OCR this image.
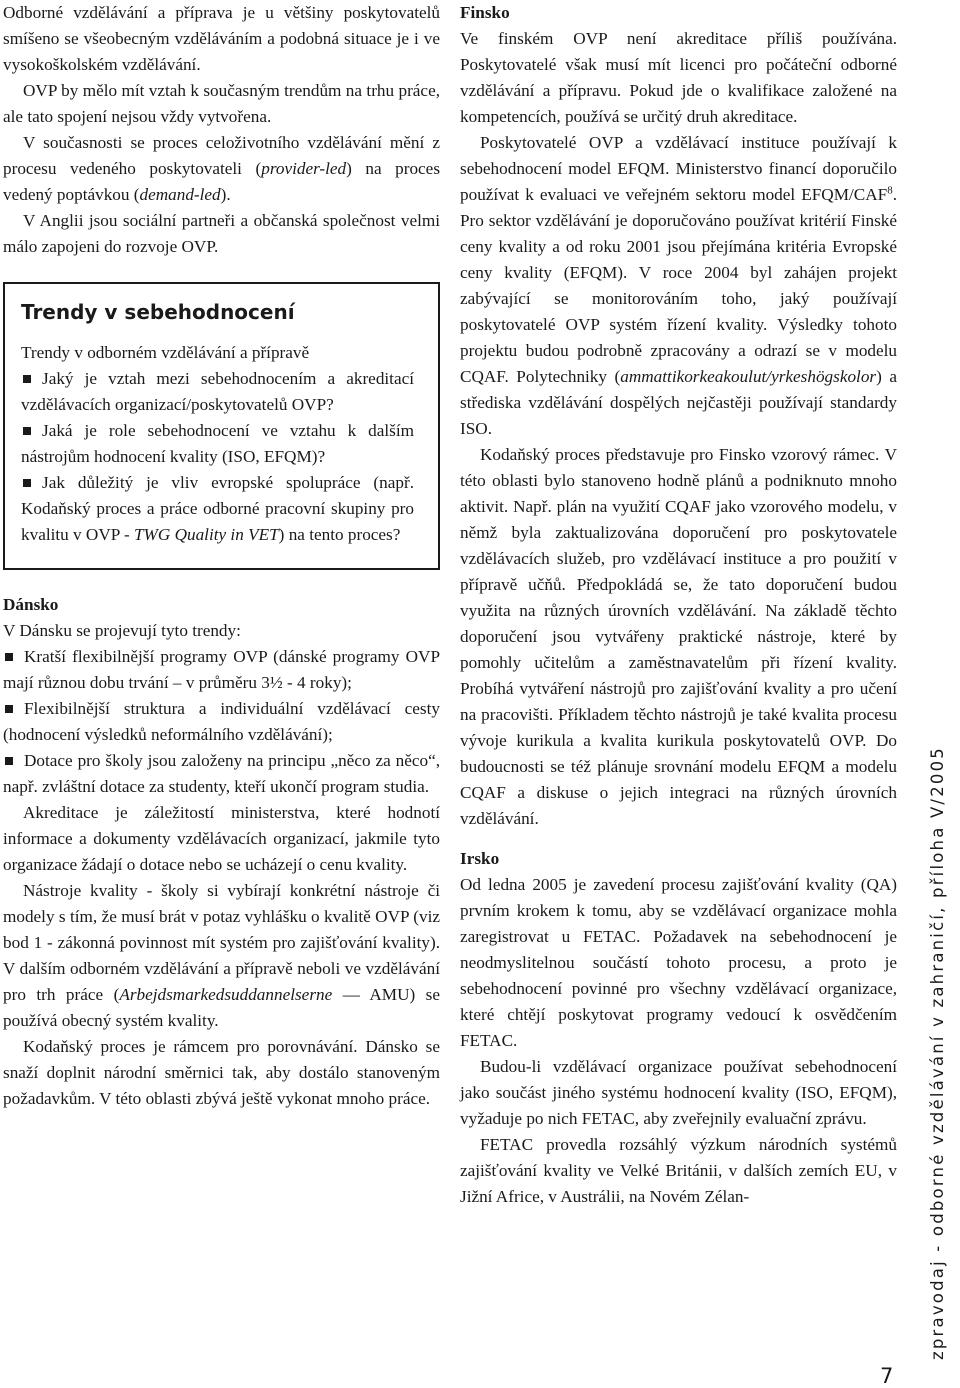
Odborné vzdělávání a příprava je u většiny poskytovatelů smíšeno se všeobecným vzděláváním a podobná situace je i ve vysokoškolském vzdělávání.

OVP by mělo mít vztah k současným trendům na trhu práce, ale tato spojení nejsou vždy vytvořena.

V současnosti se proces celoživotního vzdělávání mění z procesu vedeného poskytovateli (provider-led) na proces vedený poptávkou (demand-led).

V Anglii jsou sociální partneři a občanská společnost velmi málo zapojeni do rozvoje OVP.

Trendy v sebehodnocení

Trendy v odborném vzdělávání a přípravě

Jaký je vztah mezi sebehodnocením a akreditací vzdělávacích organizací/poskytovatelů OVP?

Jaká je role sebehodnocení ve vztahu k dalším nástrojům hodnocení kvality (ISO, EFQM)?

Jak důležitý je vliv evropské spolupráce (např. Kodaňský proces a práce odborné pracovní skupiny pro kvalitu v OVP - TWG Quality in VET) na tento proces?

Dánsko

V Dánsku se projevují tyto trendy:

Kratší flexibilnější programy OVP (dánské programy OVP mají různou dobu trvání – v průměru 3½ - 4 roky);

Flexibilnější struktura a individuální vzdělávací cesty (hodnocení výsledků neformálního vzdělávání);

Dotace pro školy jsou založeny na principu „něco za něco“, např. zvláštní dotace za studenty, kteří ukončí program studia.

Akreditace je záležitostí ministerstva, které hodnotí informace a dokumenty vzdělávacích organizací, jakmile tyto organizace žádají o dotace nebo se ucházejí o cenu kvality.

Nástroje kvality - školy si vybírají konkrétní nástroje či modely s tím, že musí brát v potaz vyhlášku o kvalitě OVP (viz bod 1 - zákonná povinnost mít systém pro zajišťování kvality). V dalším odborném vzdělávání a přípravě neboli ve vzdělávání pro trh práce (Arbejdsmarkedsuddannelserne — AMU) se používá obecný systém kvality.

Kodaňský proces je rámcem pro porovnávání. Dánsko se snaží doplnit národní směrnici tak, aby dostálo stanoveným požadavkům. V této oblasti zbývá ještě vykonat mnoho práce.

Finsko

Ve finském OVP není akreditace příliš používána. Poskytovatelé však musí mít licenci pro počáteční odborné vzdělávání a přípravu. Pokud jde o kvalifikace založené na kompetencích, používá se určitý druh akreditace.

Poskytovatelé OVP a vzdělávací instituce používají k sebehodnocení model EFQM. Ministerstvo financí doporučilo používat k evaluaci ve veřejném sektoru model EFQM/CAF$^8$. Pro sektor vzdělávání je doporučováno používat kritérií Finské ceny kvality a od roku 2001 jsou přejímána kritéria Evropské ceny kvality (EFQM). V roce 2004 byl zahájen projekt zabývající se monitorováním toho, jaký používají poskytovatelé OVP systém řízení kvality. Výsledky tohoto projektu budou podrobně zpracovány a odrazí se v modelu CQAF. Polytechniky (ammattikorkeakoulut/yrkeshögskolor) a střediska vzdělávání dospělých nejčastěji používají standardy ISO.

Kodaňský proces představuje pro Finsko vzorový rámec. V této oblasti bylo stanoveno hodně plánů a podniknuto mnoho aktivit. Např. plán na využití CQAF jako vzorového modelu, v němž byla zaktualizována doporučení pro poskytovatele vzdělávacích služeb, pro vzdělávací instituce a pro použití v přípravě učňů. Předpokládá se, že tato doporučení budou využita na různých úrovních vzdělávání. Na základě těchto doporučení jsou vytvářeny praktické nástroje, které by pomohly učitelům a zaměstnavatelům při řízení kvality. Probíhá vytváření nástrojů pro zajišťování kvality a pro učení na pracovišti. Příkladem těchto nástrojů je také kvalita procesu vývoje kurikula a kvalita kurikula poskytovatelů OVP. Do budoucnosti se též plánuje srovnání modelu EFQM a modelu CQAF a diskuse o jejich integraci na různých úrovních vzdělávání.

Irsko

Od ledna 2005 je zavedení procesu zajišťování kvality (QA) prvním krokem k tomu, aby se vzdělávací organizace mohla zaregistrovat u FETAC. Požadavek na sebehodnocení je neodmyslitelnou součástí tohoto procesu, a proto je sebehodnocení povinné pro všechny vzdělávací organizace, které chtějí poskytovat programy vedoucí k osvědčením FETAC.

Budou-li vzdělávací organizace používat sebehodnocení jako součást jiného systému hodnocení kvality (ISO, EFQM), vyžaduje po nich FETAC, aby zveřejnily evaluační zprávu.

FETAC provedla rozsáhlý výzkum národních systémů zajišťování kvality ve Velké Británii, v dalších zemích EU, v Jižní Africe, v Austrálii, na Novém Zélan-	zpravodaj - odborné vzdělávání v zahraničí, příloha V/2005
7
